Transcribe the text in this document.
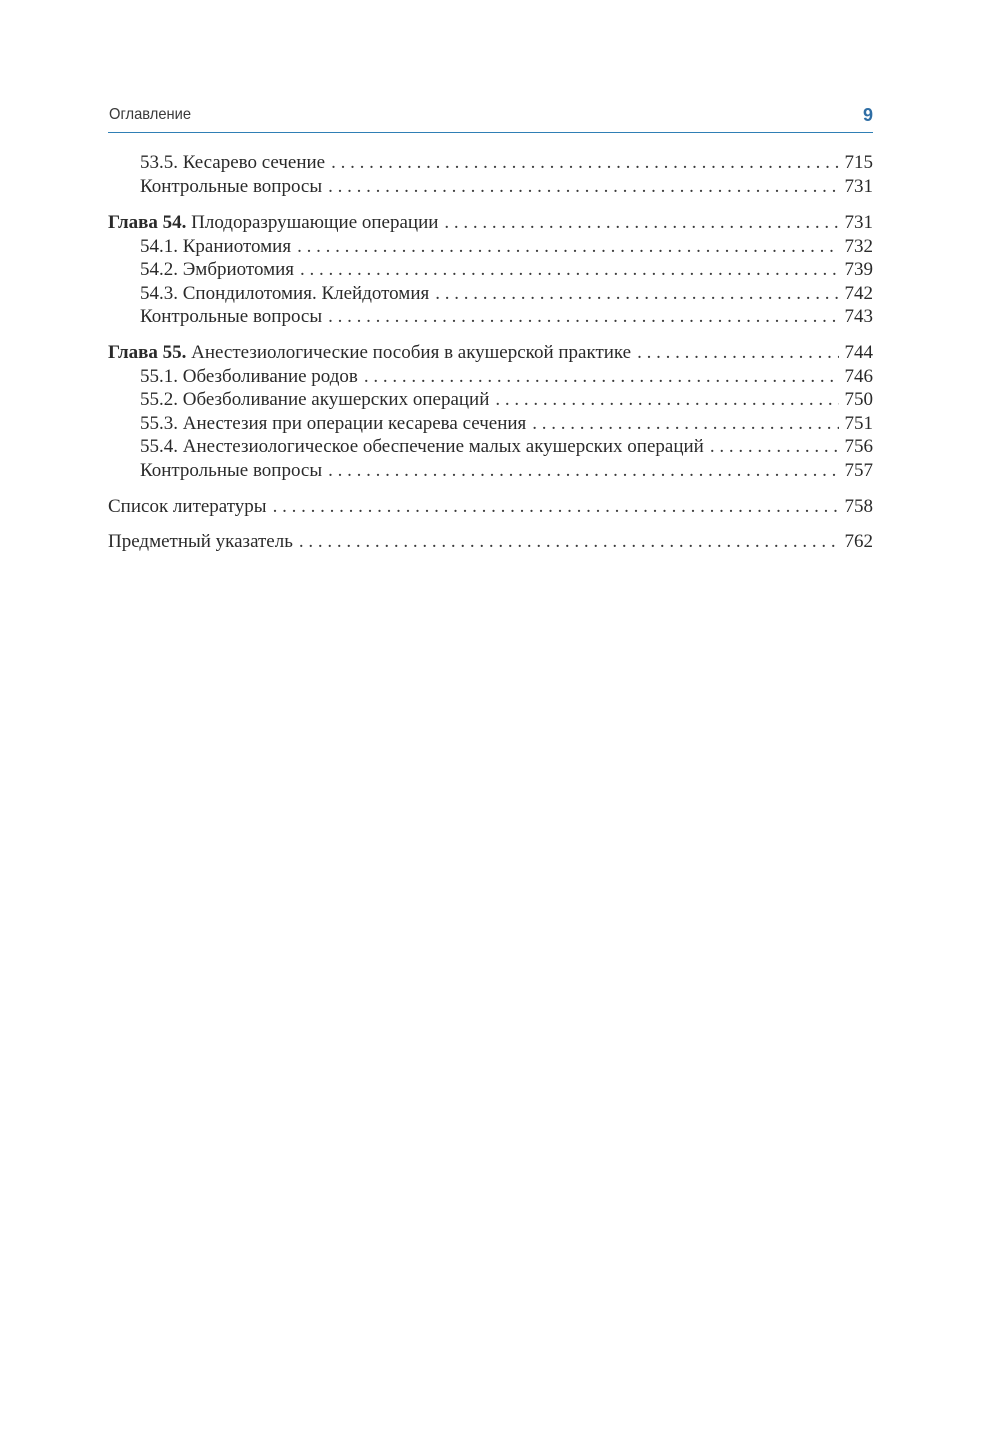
Оглавление	9
53.5. Кесарево сечение . . .	715
Контрольные вопросы . . .	731
Глава 54. Плодоразрушающие операции . . .	731
54.1. Краниотомия . . .	732
54.2. Эмбриотомия . . .	739
54.3. Спондилотомия. Клейдотомия . . .	742
Контрольные вопросы . . .	743
Глава 55. Анестезиологические пособия в акушерской практике . . .	744
55.1. Обезболивание родов . . .	746
55.2. Обезболивание акушерских операций . . .	750
55.3. Анестезия при операции кесарева сечения . . .	751
55.4. Анестезиологическое обеспечение малых акушерских операций . . .	756
Контрольные вопросы . . .	757
Список литературы . . .	758
Предметный указатель . . .	762
